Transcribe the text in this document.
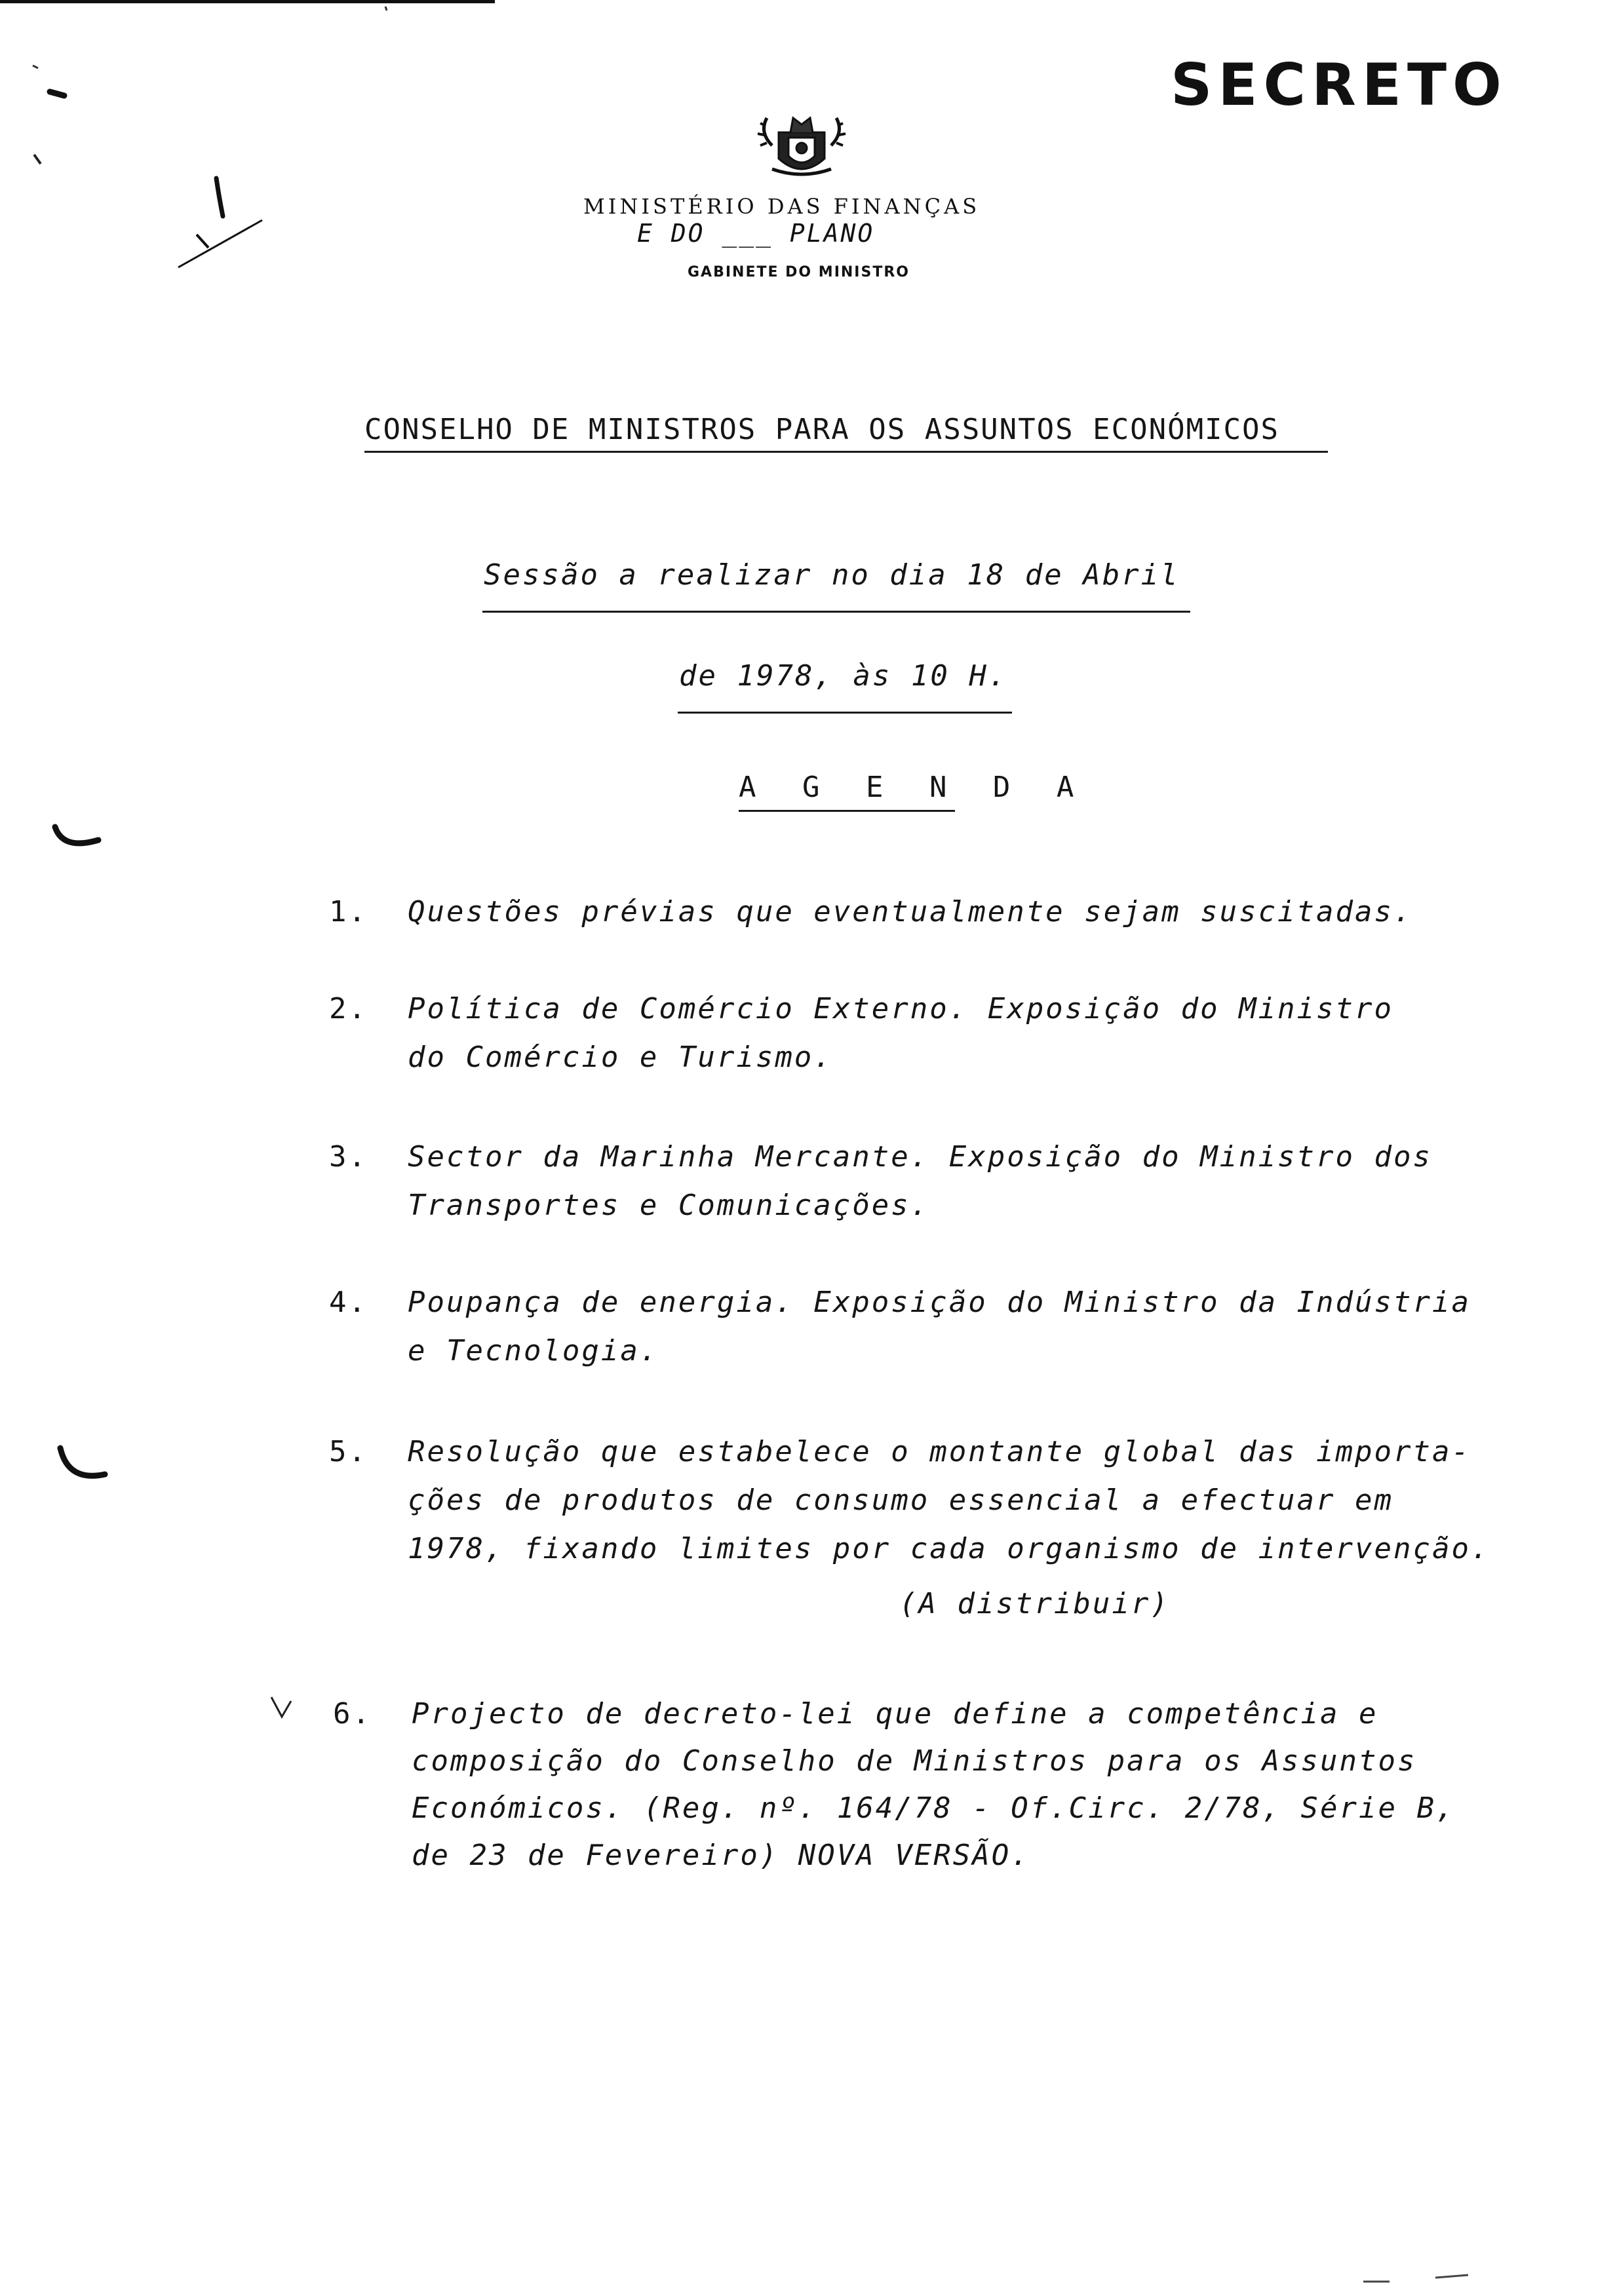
SECRETO
MINISTÉRIO DAS FINANÇAS
E DO ___ PLANO
GABINETE DO MINISTRO
CONSELHO DE MINISTROS PARA OS ASSUNTOS ECONÓMICOS
Sessão a realizar no dia 18 de Abril
de 1978, às 10 H.
A G E N D A
1. Questões prévias que eventualmente sejam suscitadas.
2. Política de Comércio Externo. Exposição do Ministro
do Comércio e Turismo.
3. Sector da Marinha Mercante. Exposição do Ministro dos
Transportes e Comunicações.
4. Poupança de energia. Exposição do Ministro da Indústria
e Tecnologia.
5. Resolução que estabelece o montante global das importa-
ções de produtos de consumo essencial a efectuar em
1978, fixando limites por cada organismo de intervenção.
(A distribuir)
6. Projecto de decreto-lei que define a competência e
composição do Conselho de Ministros para os Assuntos
Económicos. (Reg. nº. 164/78 - Of.Circ. 2/78, Série B,
de 23 de Fevereiro) NOVA VERSÃO.
